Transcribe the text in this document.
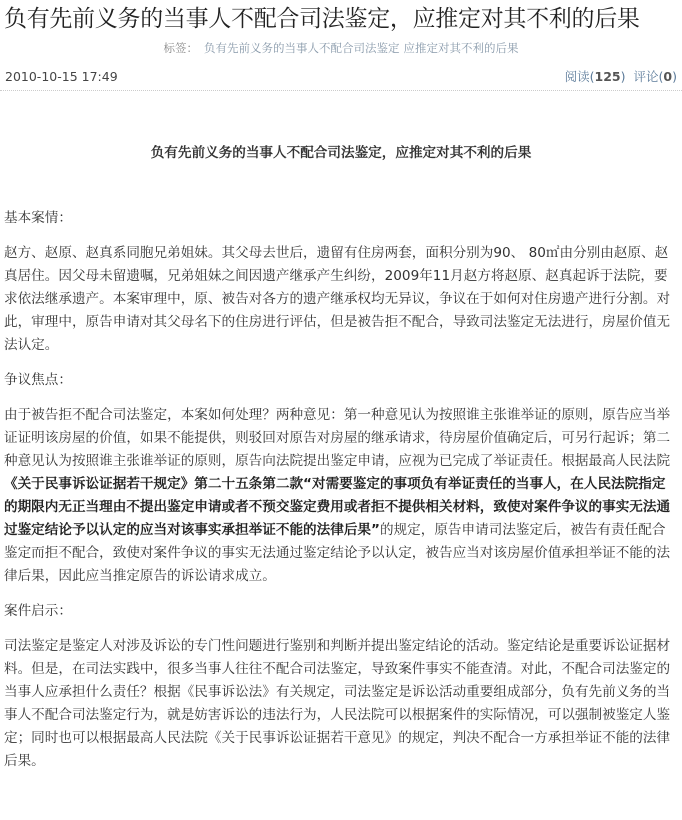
负有先前义务的当事人不配合司法鉴定，应推定对其不利的后果
标签： 负有先前义务的当事人不配合司法鉴定 应推定对其不利的后果
2010-10-15 17:49	阅读(125) 评论(0)

负有先前义务的当事人不配合司法鉴定，应推定对其不利的后果

基本案情：

赵方、赵原、赵真系同胞兄弟姐妹。其父母去世后，遗留有住房两套，面积分别为90、 80㎡由分别由赵原、赵真居住。因父母未留遗嘱，兄弟姐妹之间因遗产继承产生纠纷，2009年11月赵方将赵原、赵真起诉于法院，要求依法继承遗产。本案审理中，原、被告对各方的遗产继承权均无异议，争议在于如何对住房遗产进行分割。对此，审理中，原告申请对其父母名下的住房进行评估，但是被告拒不配合，导致司法鉴定无法进行，房屋价值无法认定。

争议焦点：

由于被告拒不配合司法鉴定，本案如何处理？两种意见：第一种意见认为按照谁主张谁举证的原则，原告应当举证证明该房屋的价值，如果不能提供，则驳回对原告对房屋的继承请求，待房屋价值确定后，可另行起诉；第二种意见认为按照谁主张谁举证的原则，原告向法院提出鉴定申请，应视为已完成了举证责任。根据最高人民法院《关于民事诉讼证据若干规定》第二十五条第二款“对需要鉴定的事项负有举证责任的当事人，在人民法院指定的期限内无正当理由不提出鉴定申请或者不预交鉴定费用或者拒不提供相关材料，致使对案件争议的事实无法通过鉴定结论予以认定的应当对该事实承担举证不能的法律后果”的规定，原告申请司法鉴定后，被告有责任配合鉴定而拒不配合，致使对案件争议的事实无法通过鉴定结论予以认定，被告应当对该房屋价值承担举证不能的法律后果，因此应当推定原告的诉讼请求成立。

案件启示：

司法鉴定是鉴定人对涉及诉讼的专门性问题进行鉴别和判断并提出鉴定结论的活动。鉴定结论是重要诉讼证据材料。但是，在司法实践中，很多当事人往往不配合司法鉴定，导致案件事实不能查清。对此，不配合司法鉴定的当事人应承担什么责任？根据《民事诉讼法》有关规定，司法鉴定是诉讼活动重要组成部分，负有先前义务的当事人不配合司法鉴定行为，就是妨害诉讼的违法行为，人民法院可以根据案件的实际情况，可以强制被鉴定人鉴定；同时也可以根据最高人民法院《关于民事诉讼证据若干意见》的规定，判决不配合一方承担举证不能的法律后果。
